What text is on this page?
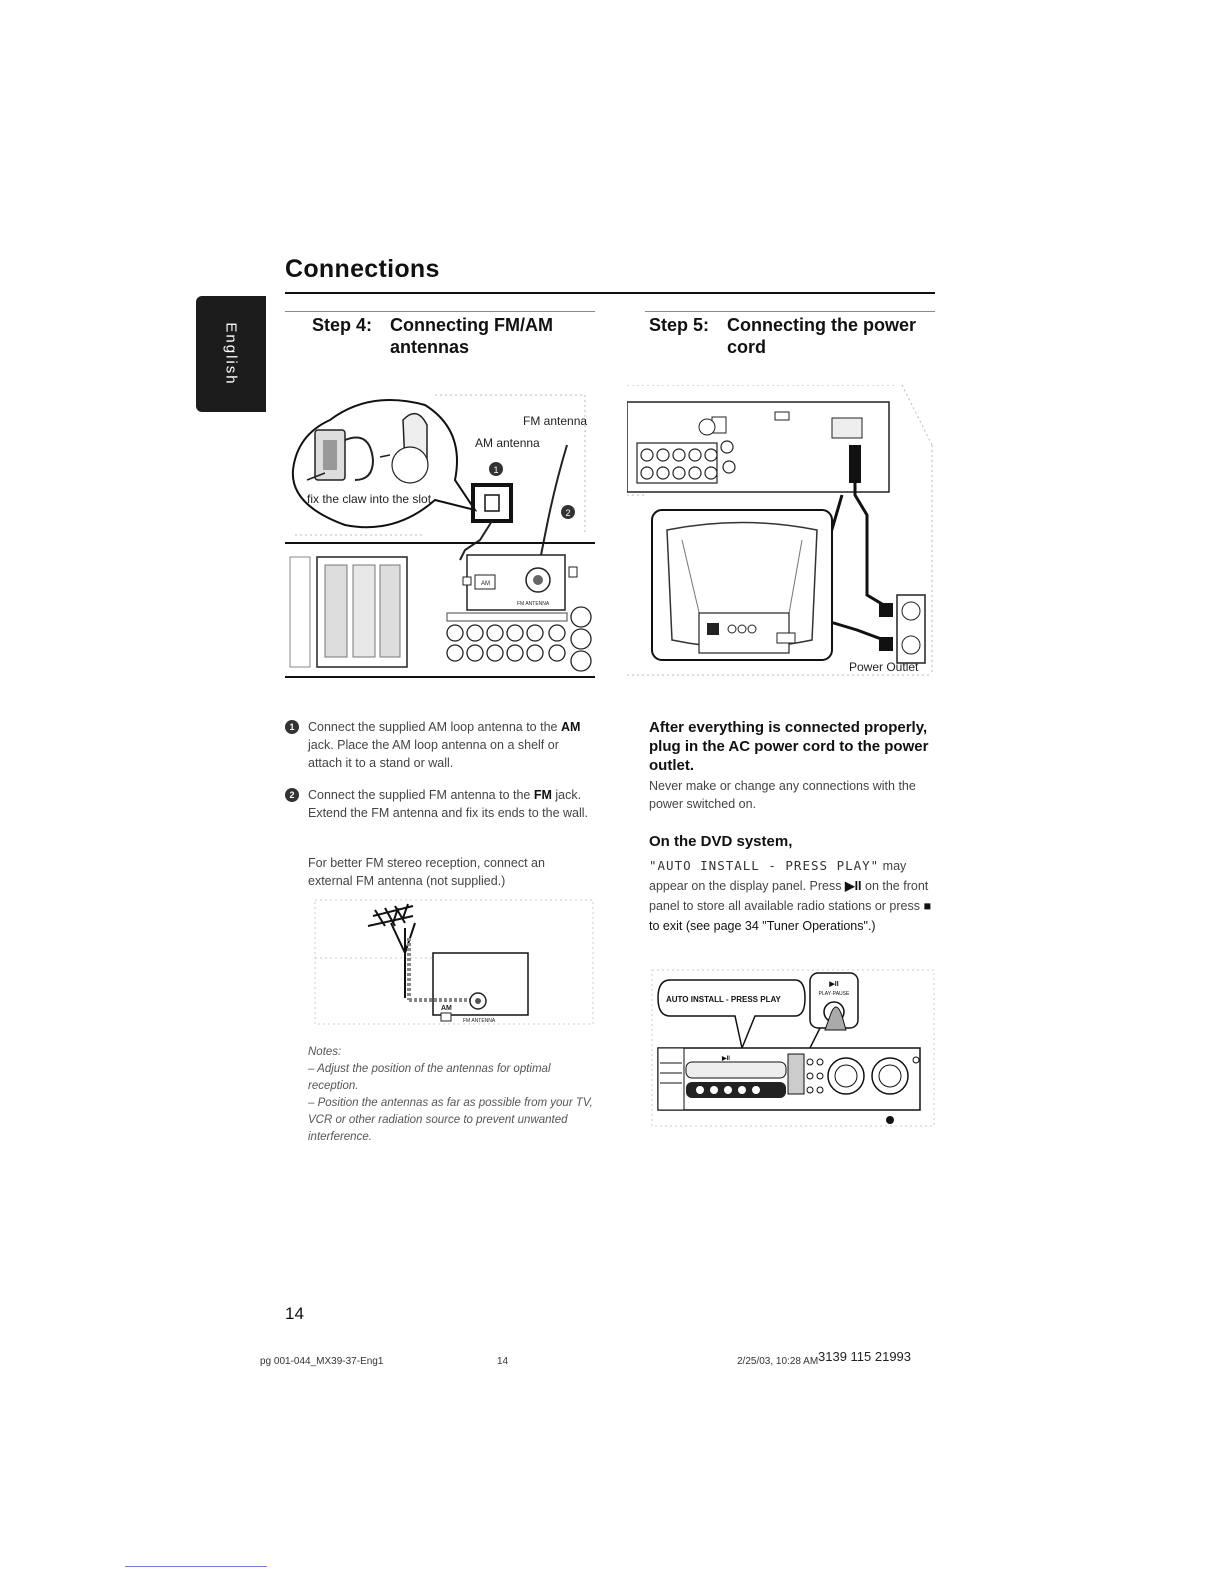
Connections
English	Step 4: Connecting FM/AM antennas
Step 5: Connecting the power cord
fix the claw into the slot
AM antenna
1
FM antenna
2
AM
FM ANTENNA
Power Outlet
1	Connect the supplied AM loop antenna to the AM jack. Place the AM loop antenna on a shelf or attach it to a stand or wall.
2	Connect the supplied FM antenna to the FM jack. Extend the FM antenna and fix its ends to the wall.
For better FM stereo reception, connect an external FM antenna (not supplied.)
AM
FM ANTENNA
Notes:
– Adjust the position of the antennas for optimal reception.
– Position the antennas as far as possible from your TV, VCR or other radiation source to prevent unwanted interference.
After everything is connected properly, plug in the AC power cord to the power outlet.
Never make or change any connections with the power switched on.
On the DVD system,
"AUTO INSTALL - PRESS PLAY" may appear on the display panel. Press ▶II on the front panel to store all available radio stations or press ■ to exit (see page 34 "Tuner Operations".)
AUTO INSTALL - PRESS PLAY
▶II
PLAY·PAUSE
▶II
14
pg 001-044_MX39-37-Eng1	14	2/25/03, 10:28 AM 3139 115 21993
